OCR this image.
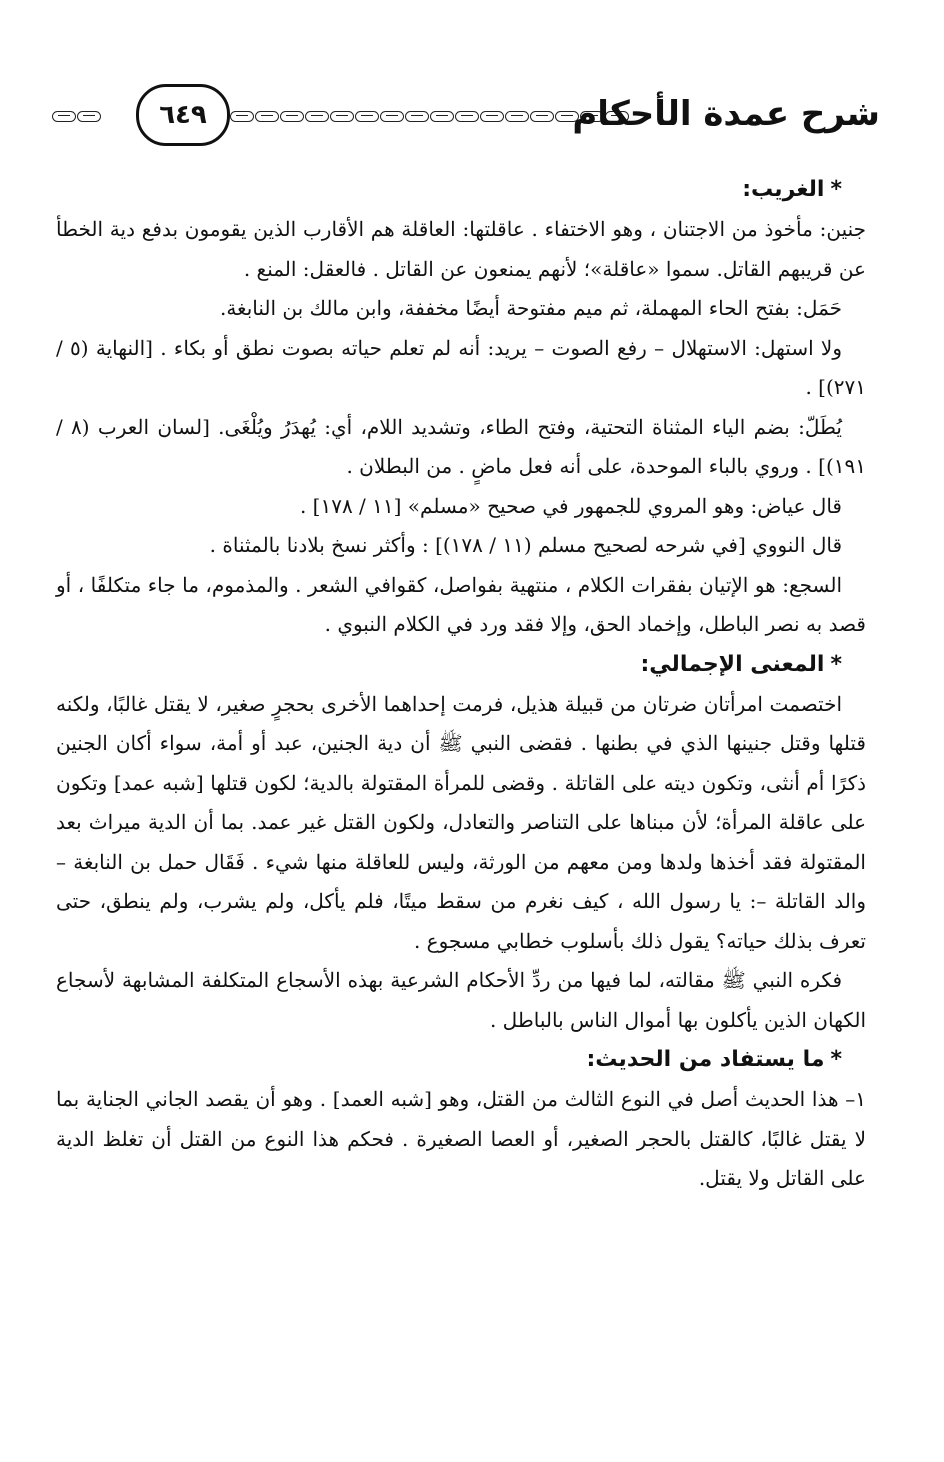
٦٤٩	شرح عمدة الأحكام
*الغريب:

جنين: مأخوذ من الاجتنان ، وهو الاختفاء . عاقلتها: العاقلة هم الأقارب الذين يقومون بدفع دية الخطأ عن قريبهم القاتل. سموا «عاقلة»؛ لأنهم يمنعون عن القاتل . فالعقل: المنع .

حَمَل: بفتح الحاء المهملة، ثم ميم مفتوحة أيضًا مخففة، وابن مالك بن النابغة.

ولا استهل: الاستهلال – رفع الصوت – يريد: أنه لم تعلم حياته بصوت نطق أو بكاء . [النهاية (٥ / ٢٧١)] .

يُطَلّ: بضم الياء المثناة التحتية، وفتح الطاء، وتشديد اللام، أي: يُهدَرُ ويُلْغَى. [لسان العرب (٨ / ١٩١)] . وروي بالباء الموحدة، على أنه فعل ماضٍ . من البطلان .

قال عياض: وهو المروي للجمهور في صحيح «مسلم» [١١ / ١٧٨] .

قال النووي [في شرحه لصحيح مسلم (١١ / ١٧٨)] : وأكثر نسخ بلادنا بالمثناة .

السجع: هو الإتيان بفقرات الكلام ، منتهية بفواصل، كقوافي الشعر . والمذموم، ما جاء متكلفًا ، أو قصد به نصر الباطل، وإخماد الحق، وإلا فقد ورد في الكلام النبوي .

*المعنى الإجمالي:

اختصمت امرأتان ضرتان من قبيلة هذيل، فرمت إحداهما الأخرى بحجرٍ صغير، لا يقتل غالبًا، ولكنه قتلها وقتل جنينها الذي في بطنها . فقضى النبي ﷺ أن دية الجنين، عبد أو أمة، سواء أكان الجنين ذكرًا أم أنثى، وتكون ديته على القاتلة . وقضى للمرأة المقتولة بالدية؛ لكون قتلها [شبه عمد] وتكون على عاقلة المرأة؛ لأن مبناها على التناصر والتعادل، ولكون القتل غير عمد. بما أن الدية ميراث بعد المقتولة فقد أخذها ولدها ومن معهم من الورثة، وليس للعاقلة منها شيء . فَقَال حمل بن النابغة – والد القاتلة –: يا رسول الله ، كيف نغرم من سقط ميتًا، فلم يأكل، ولم يشرب، ولم ينطق، حتى تعرف بذلك حياته؟ يقول ذلك بأسلوب خطابي مسجوع .

فكره النبي ﷺ مقالته، لما فيها من ردِّ الأحكام الشرعية بهذه الأسجاع المتكلفة المشابهة لأسجاع الكهان الذين يأكلون بها أموال الناس بالباطل .

*ما يستفاد من الحديث:

١– هذا الحديث أصل في النوع الثالث من القتل، وهو [شبه العمد] . وهو أن يقصد الجاني الجناية بما لا يقتل غالبًا، كالقتل بالحجر الصغير، أو العصا الصغيرة . فحكم هذا النوع من القتل أن تغلظ الدية على القاتل ولا يقتل.
